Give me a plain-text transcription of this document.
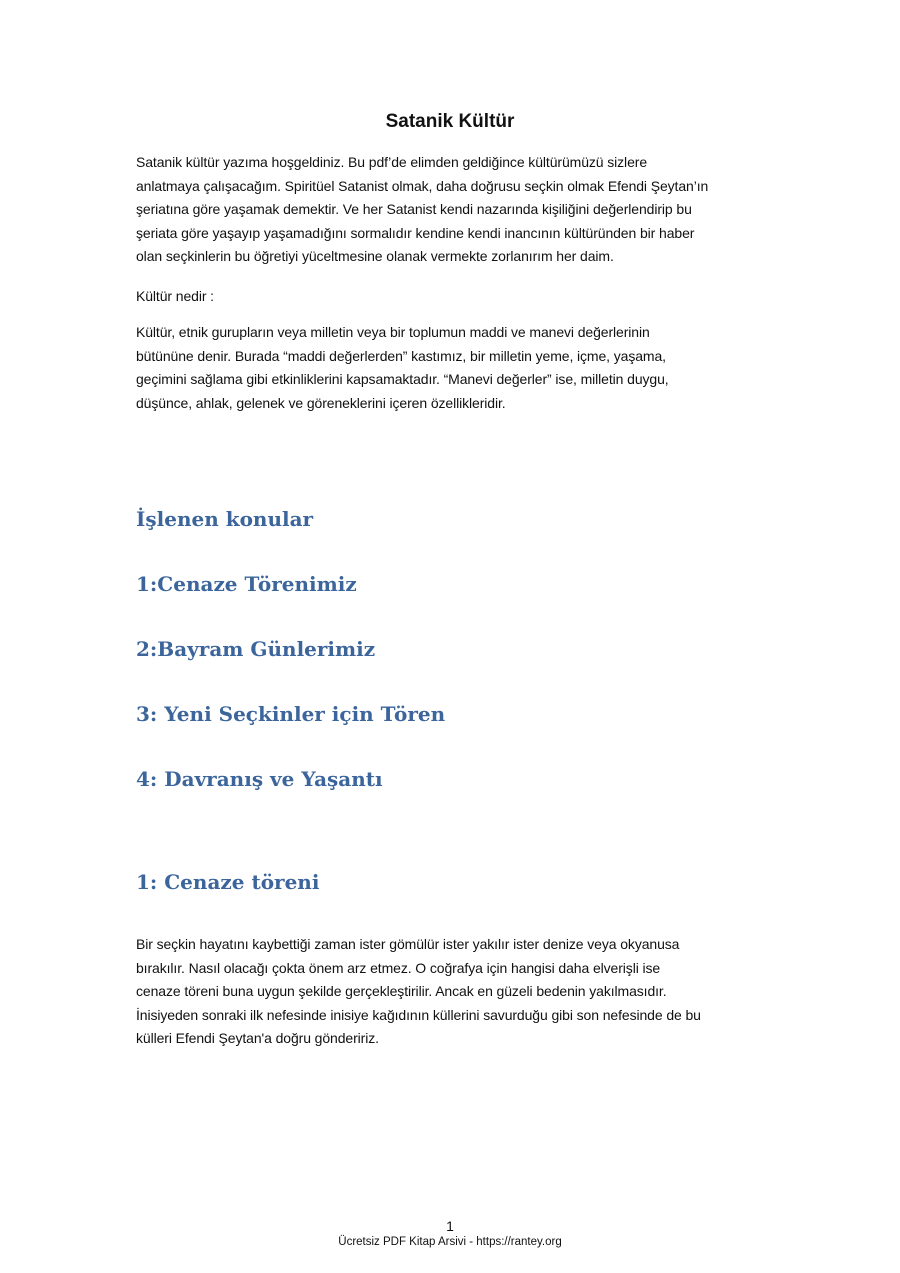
Satanik Kültür

Satanik kültür yazıma hoşgeldiniz. Bu pdf’de elimden geldiğince kültürümüzü sizlere
anlatmaya çalışacağım. Spiritüel Satanist olmak, daha doğrusu seçkin olmak Efendi Şeytan’ın
şeriatına göre yaşamak demektir. Ve her Satanist kendi nazarında kişiliğini değerlendirip bu
şeriata göre yaşayıp yaşamadığını sormalıdır kendine kendi inancının kültüründen bir haber
olan seçkinlerin bu öğretiyi yüceltmesine olanak vermekte zorlanırım her daim.

Kültür nedir :

Kültür, etnik gurupların veya milletin veya bir toplumun maddi ve manevi değerlerinin
bütününe denir. Burada “maddi değerlerden” kastımız, bir milletin yeme, içme, yaşama,
geçimini sağlama gibi etkinliklerini kapsamaktadır. “Manevi değerler” ise, milletin duygu,
düşünce, ahlak, gelenek ve göreneklerini içeren özellikleridir.

İşlenen konular
1:Cenaze Törenimiz
2:Bayram Günlerimiz
3: Yeni Seçkinler için Tören
4: Davranış ve Yaşantı
1: Cenaze töreni

Bir seçkin hayatını kaybettiği zaman ister gömülür ister yakılır ister denize veya okyanusa
bırakılır. Nasıl olacağı çokta önem arz etmez. O coğrafya için hangisi daha elverişli ise
cenaze töreni buna uygun şekilde gerçekleştirilir. Ancak en güzeli bedenin yakılmasıdır.
İnisiyeden sonraki ilk nefesinde inisiye kağıdının küllerini savurduğu gibi son nefesinde de bu
külleri Efendi Şeytan'a doğru göndeririz.

1
Ücretsiz PDF Kitap Arsivi - https://rantey.org
